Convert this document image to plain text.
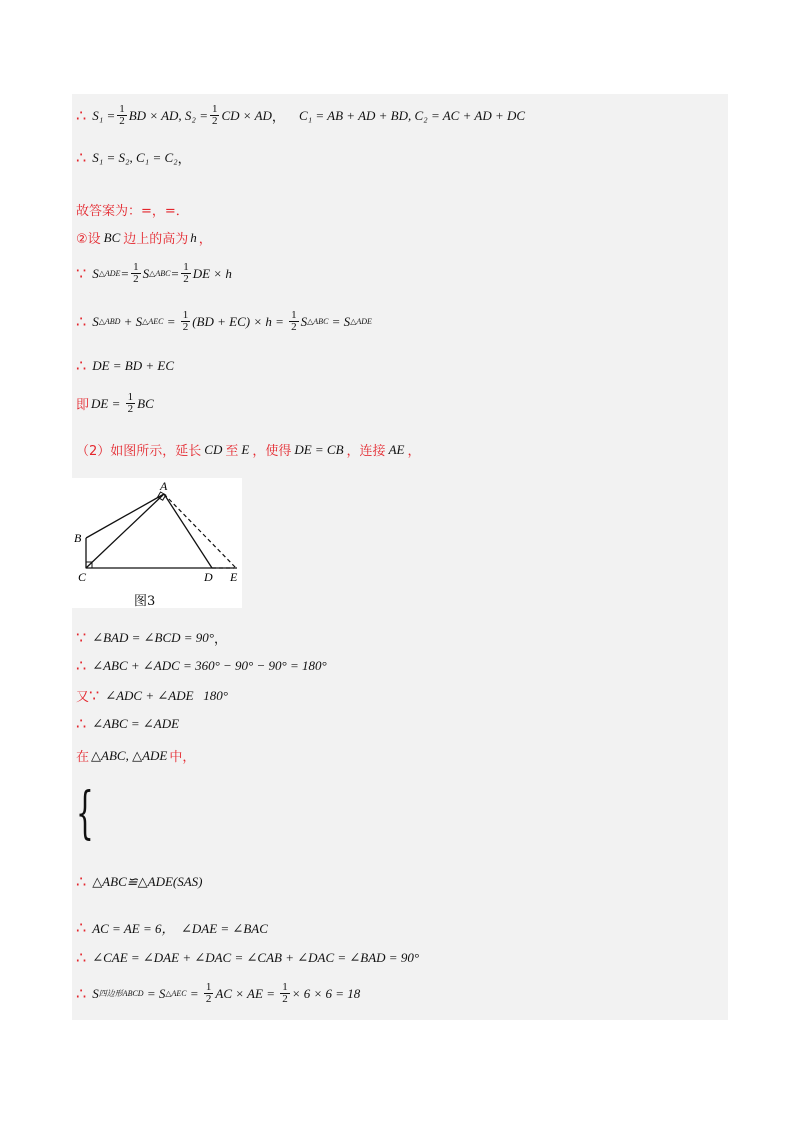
∴ $S_1 = \frac{1}{2}$ BD × AD, $S_2 = \frac{1}{2}$ CD × AD ， C₁ = AB + AD + BD, C₂ = AC + AD + DC
∴ S₁ = S₂, C₁ = C₂ ，
故答案为：=，=．
②设 BC 边上的高为 h ，
∵ S △ADE = $\frac{1}{2}$ S △ABC = $\frac{1}{2}$ DE × h
∴ S △ABD + S △AEC = $\frac{1}{2} (BD + EC) \times h = \frac{1}{2}$ S △ABC = S △ADE
∴ DE = BD + EC
即 DE = $\frac{1}{2}$ BC
（2）如图所示，延长 CD 至 E ，使得 DE = CB ，连接 AE ，
A
B
C	D E
图3
∵ ∠BAD = ∠BCD = 90° ，
∴ ∠ABC + ∠ADC = 360° − 90° − 90° = 180°
又 ∵ ∠ADC + ∠ADE   180°
∴ ∠ABC = ∠ADE
在 △ABC, △ADE 中，
{
∴ △ABC≌△ADE(SAS)
∴ AC = AE = 6，  ∠DAE = ∠BAC
∴ ∠CAE = ∠DAE + ∠DAC = ∠CAB + ∠DAC = ∠BAD = 90°
∴ S 四边形ABCD = S △AEC = $\frac{1}{2}$ AC × AE = $\frac{1}{2} \times 6 \times 6 = 18$
